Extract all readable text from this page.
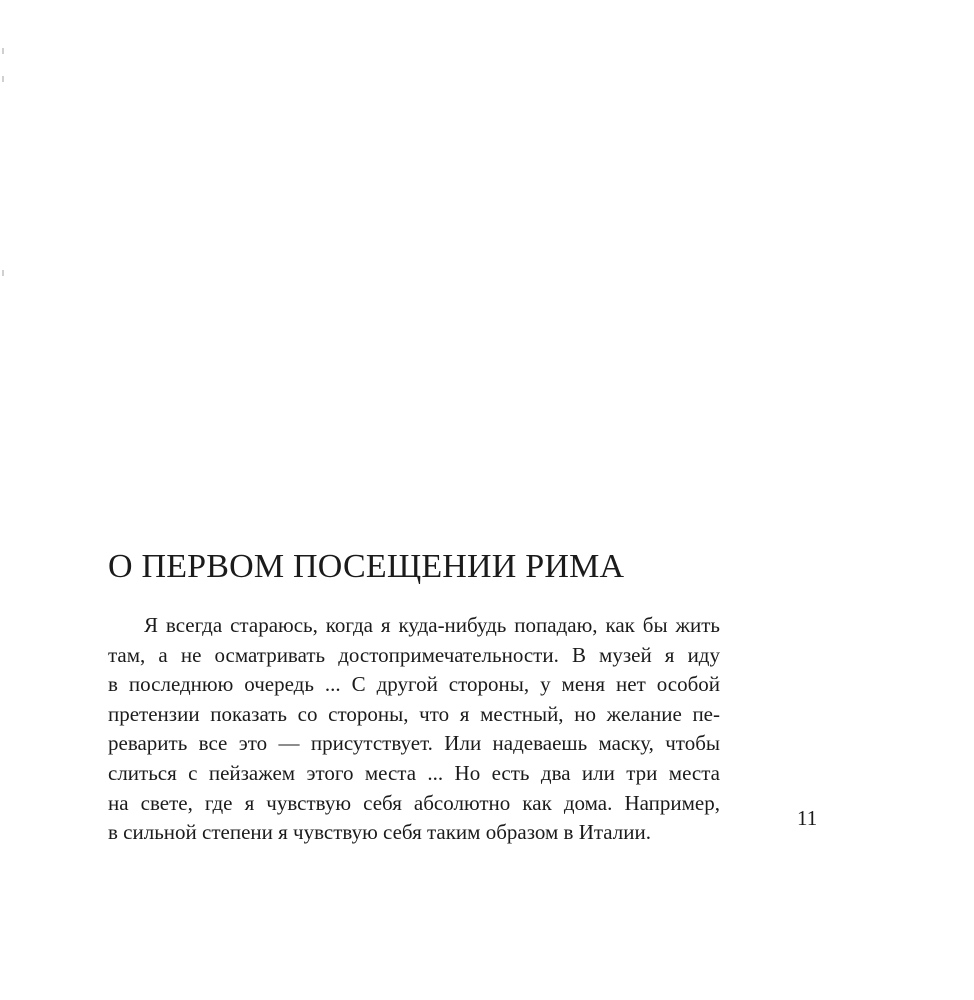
О ПЕРВОМ ПОСЕЩЕНИИ РИМА

Я всегда стараюсь, когда я куда-нибудь попадаю, как бы жить
там, а не осматривать достопримечательности. В музей я иду
в последнюю очередь ... С другой стороны, у меня нет особой
претензии показать со стороны, что я местный, но желание пе-
реварить все это — присутствует. Или надеваешь маску, чтобы
слиться с пейзажем этого места ... Но есть два или три места
на свете, где я чувствую себя абсолютно как дома. Например,
в сильной степени я чувствую себя таким образом в Италии.

11
